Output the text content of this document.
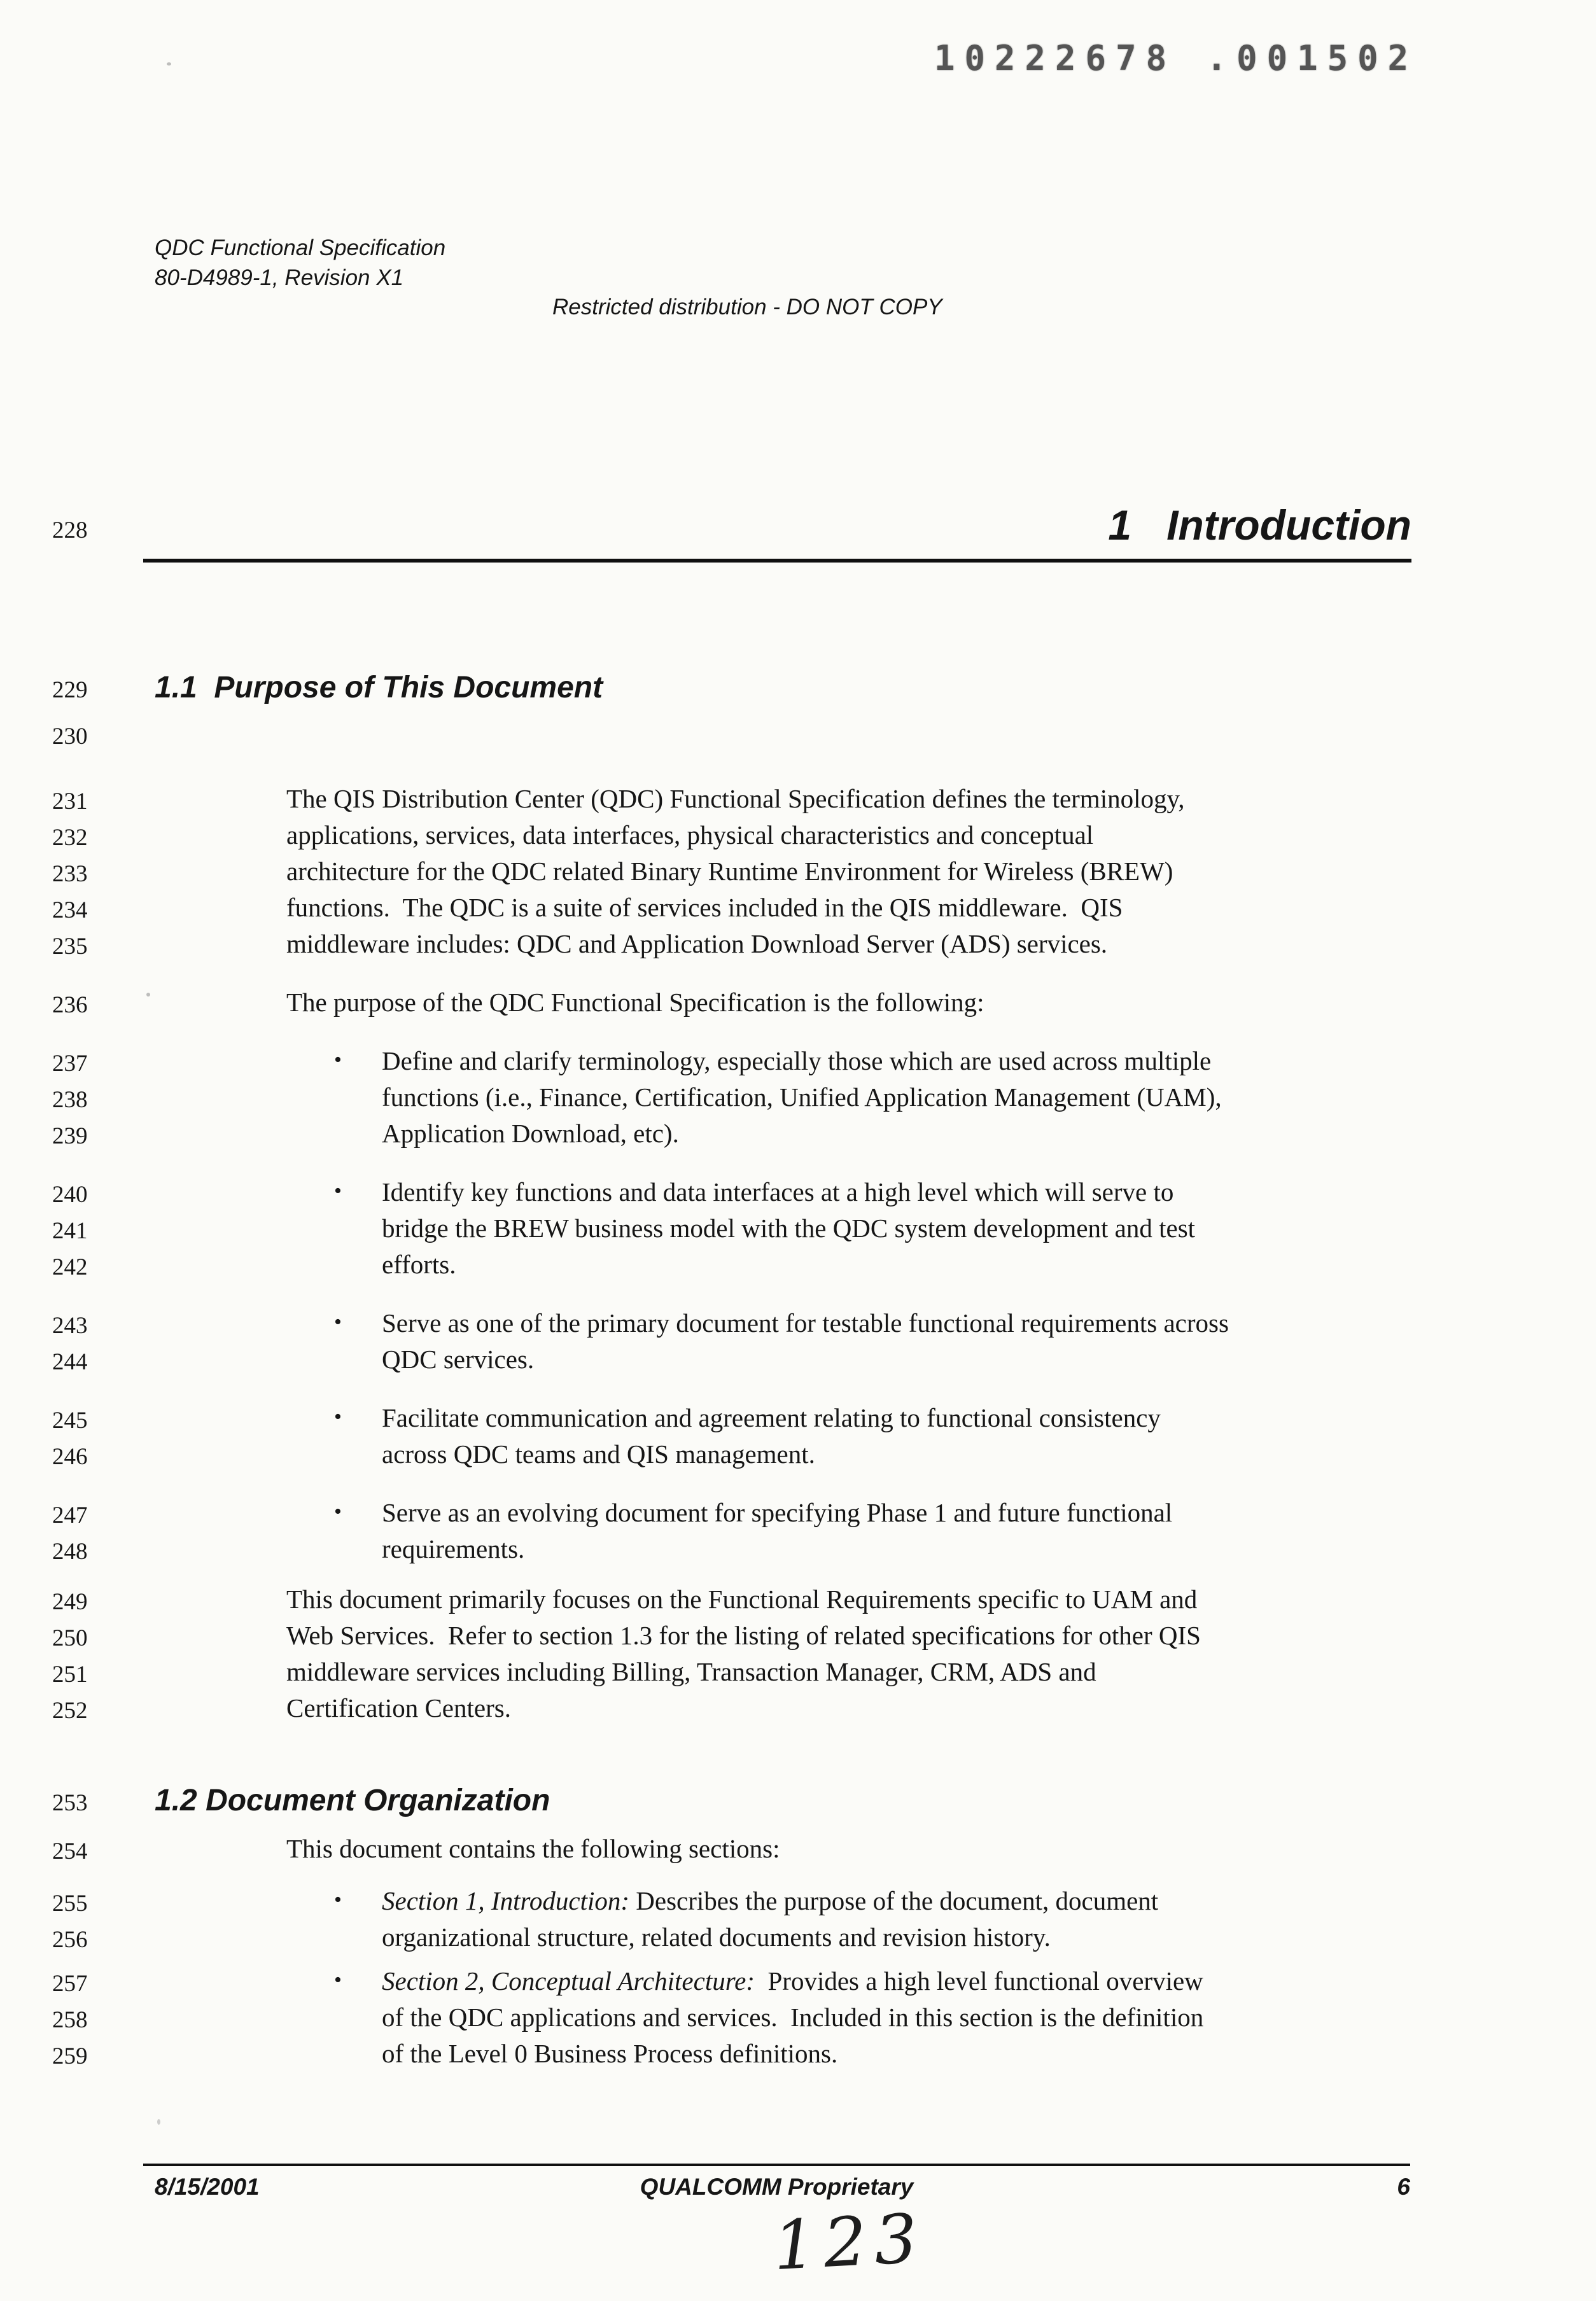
10222678 .001502
QDC Functional Specification
80-D4989-1, Revision X1
Restricted distribution - DO NOT COPY
228	1   Introduction
229 1.1  Purpose of This Document
230
231	The QIS Distribution Center (QDC) Functional Specification defines the terminology,
232	applications, services, data interfaces, physical characteristics and conceptual
233	architecture for the QDC related Binary Runtime Environment for Wireless (BREW)
234	functions.  The QDC is a suite of services included in the QIS middleware.  QIS
235	middleware includes: QDC and Application Download Server (ADS) services.
236	The purpose of the QDC Functional Specification is the following:
237	• Define and clarify terminology, especially those which are used across multiple
238	functions (i.e., Finance, Certification, Unified Application Management (UAM),
239	Application Download, etc).
240	• Identify key functions and data interfaces at a high level which will serve to
241	bridge the BREW business model with the QDC system development and test
242	efforts.
243	• Serve as one of the primary document for testable functional requirements across
244	QDC services.
245	• Facilitate communication and agreement relating to functional consistency
246	across QDC teams and QIS management.
247	• Serve as an evolving document for specifying Phase 1 and future functional
248	requirements.
249	This document primarily focuses on the Functional Requirements specific to UAM and
250	Web Services.  Refer to section 1.3 for the listing of related specifications for other QIS
251	middleware services including Billing, Transaction Manager, CRM, ADS and
252	Certification Centers.
253 1.2 Document Organization
254	This document contains the following sections:
255	• Section 1, Introduction: Describes the purpose of the document, document
256	organizational structure, related documents and revision history.
257	• Section 2, Conceptual Architecture:  Provides a high level functional overview
258	of the QDC applications and services.  Included in this section is the definition
259	of the Level 0 Business Process definitions.
8/15/2001	QUALCOMM Proprietary	6
123
